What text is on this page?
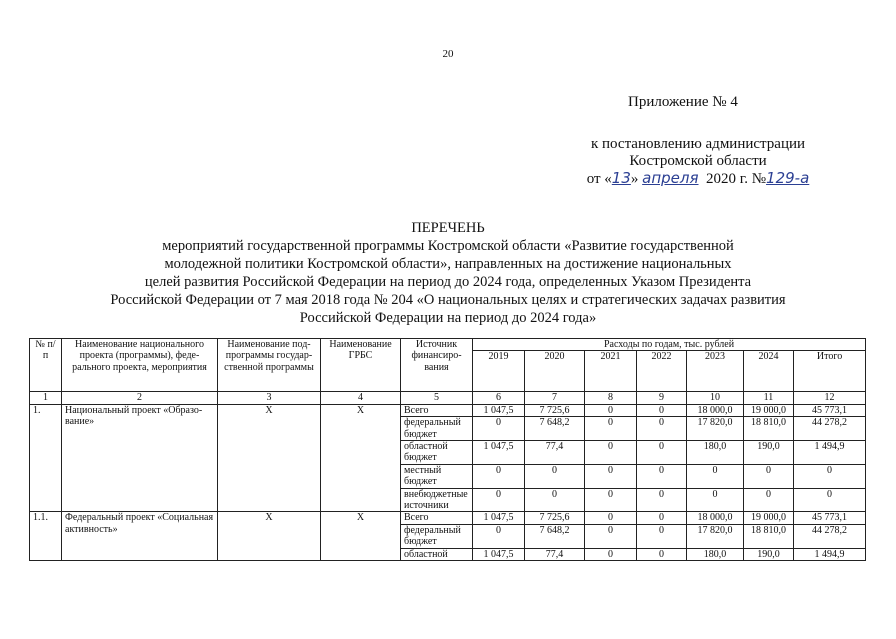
20
Приложение № 4
к постановлению администрации
Костромской области
от «13» апреля 2020 г. №129-а
ПЕРЕЧЕНЬ
мероприятий государственной программы Костромской области «Развитие государственной
молодежной политики Костромской области», направленных на достижение национальных
целей развития Российской Федерации на период до 2024 года, определенных Указом Президента
Российской Федерации от 7 мая 2018 года № 204 «О национальных целях и стратегических задачах развития
Российской Федерации на период до 2024 года»
№ п/п	Наименование национального проекта (программы), федерального проекта, мероприятия	Наименование подпрограммы государственной программы	Наименование ГРБС	Источник финансирования	Расходы по годам, тыс. рублей						
					2019	2020	2021	2022	2023	2024	Итого
1	2	3	4	5	6	7	8	9	10	11	12
1.	Национальный проект «Образование»	Х	Х	Всего	1 047,5	7 725,6	0	0	18 000,0	19 000,0	45 773,1
				федеральный бюджет	0	7 648,2	0	0	17 820,0	18 810,0	44 278,2
				областной бюджет	1 047,5	77,4	0	0	180,0	190,0	1 494,9
				местный бюджет	0	0	0	0	0	0	0
				внебюджетные источники	0	0	0	0	0	0	0
1.1.	Федеральный проект «Социальная активность»	Х	Х	Всего	1 047,5	7 725,6	0	0	18 000,0	19 000,0	45 773,1
				федеральный бюджет	0	7 648,2	0	0	17 820,0	18 810,0	44 278,2
				областной	1 047,5	77,4	0	0	180,0	190,0	1 494,9
